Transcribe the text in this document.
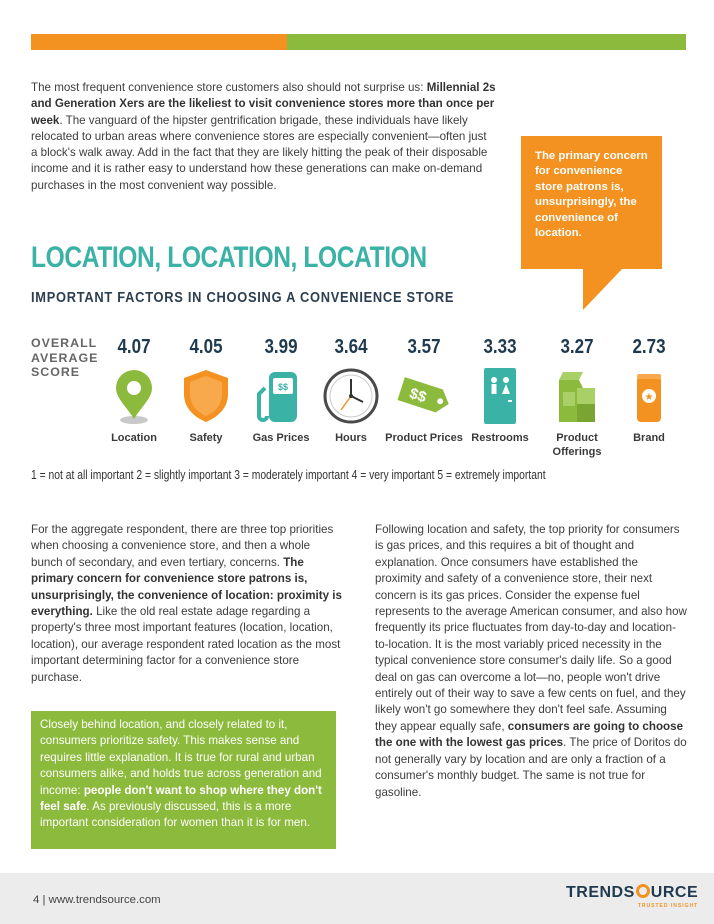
The most frequent convenience store customers also should not surprise us: Millennial 2s and Generation Xers are the likeliest to visit convenience stores more than once per week. The vanguard of the hipster gentrification brigade, these individuals have likely relocated to urban areas where convenience stores are especially convenient—often just a block's walk away. Add in the fact that they are likely hitting the peak of their disposable income and it is rather easy to understand how these generations can make on-demand purchases in the most convenient way possible.

The primary concern for convenience store patrons is, unsurprisingly, the convenience of location.
LOCATION, LOCATION, LOCATION
IMPORTANT FACTORS IN CHOOSING A CONVENIENCE STORE
OVERALL
AVERAGE
SCORE
4.07
Location
4.05
Safety
3.99
$$
Gas Prices
3.64
Hours
3.57
$$
Product Prices
3.33
Restrooms
3.27
Product Offerings
2.73
★
Brand
1 = not at all important 2 = slightly important 3 = moderately important 4 = very important 5 = extremely important

For the aggregate respondent, there are three top priorities when choosing a convenience store, and then a whole bunch of secondary, and even tertiary, concerns. The primary concern for convenience store patrons is, unsurprisingly, the convenience of location: proximity is everything. Like the old real estate adage regarding a property's three most important features (location, location, location), our average respondent rated location as the most important determining factor for a convenience store purchase.

Closely behind location, and closely related to it, consumers prioritize safety. This makes sense and requires little explanation. It is true for rural and urban consumers alike, and holds true across generation and income: people don't want to shop where they don't feel safe. As previously discussed, this is a more important consideration for women than it is for men.

Following location and safety, the top priority for consumers is gas prices, and this requires a bit of thought and explanation. Once consumers have established the proximity and safety of a convenience store, their next concern is its gas prices. Consider the expense fuel represents to the average American consumer, and also how frequently its price fluctuates from day-to-day and location-to-location. It is the most variably priced necessity in the typical convenience store consumer's daily life. So a good deal on gas can overcome a lot—no, people won't drive entirely out of their way to save a few cents on fuel, and they likely won't go somewhere they don't feel safe. Assuming they appear equally safe, consumers are going to choose the one with the lowest gas prices. The price of Doritos do not generally vary by location and are only a fraction of a consumer's monthly budget. The same is not true for gasoline.

4 | www.trendsource.com	TRENDS URCE
TRUSTED INSIGHT
